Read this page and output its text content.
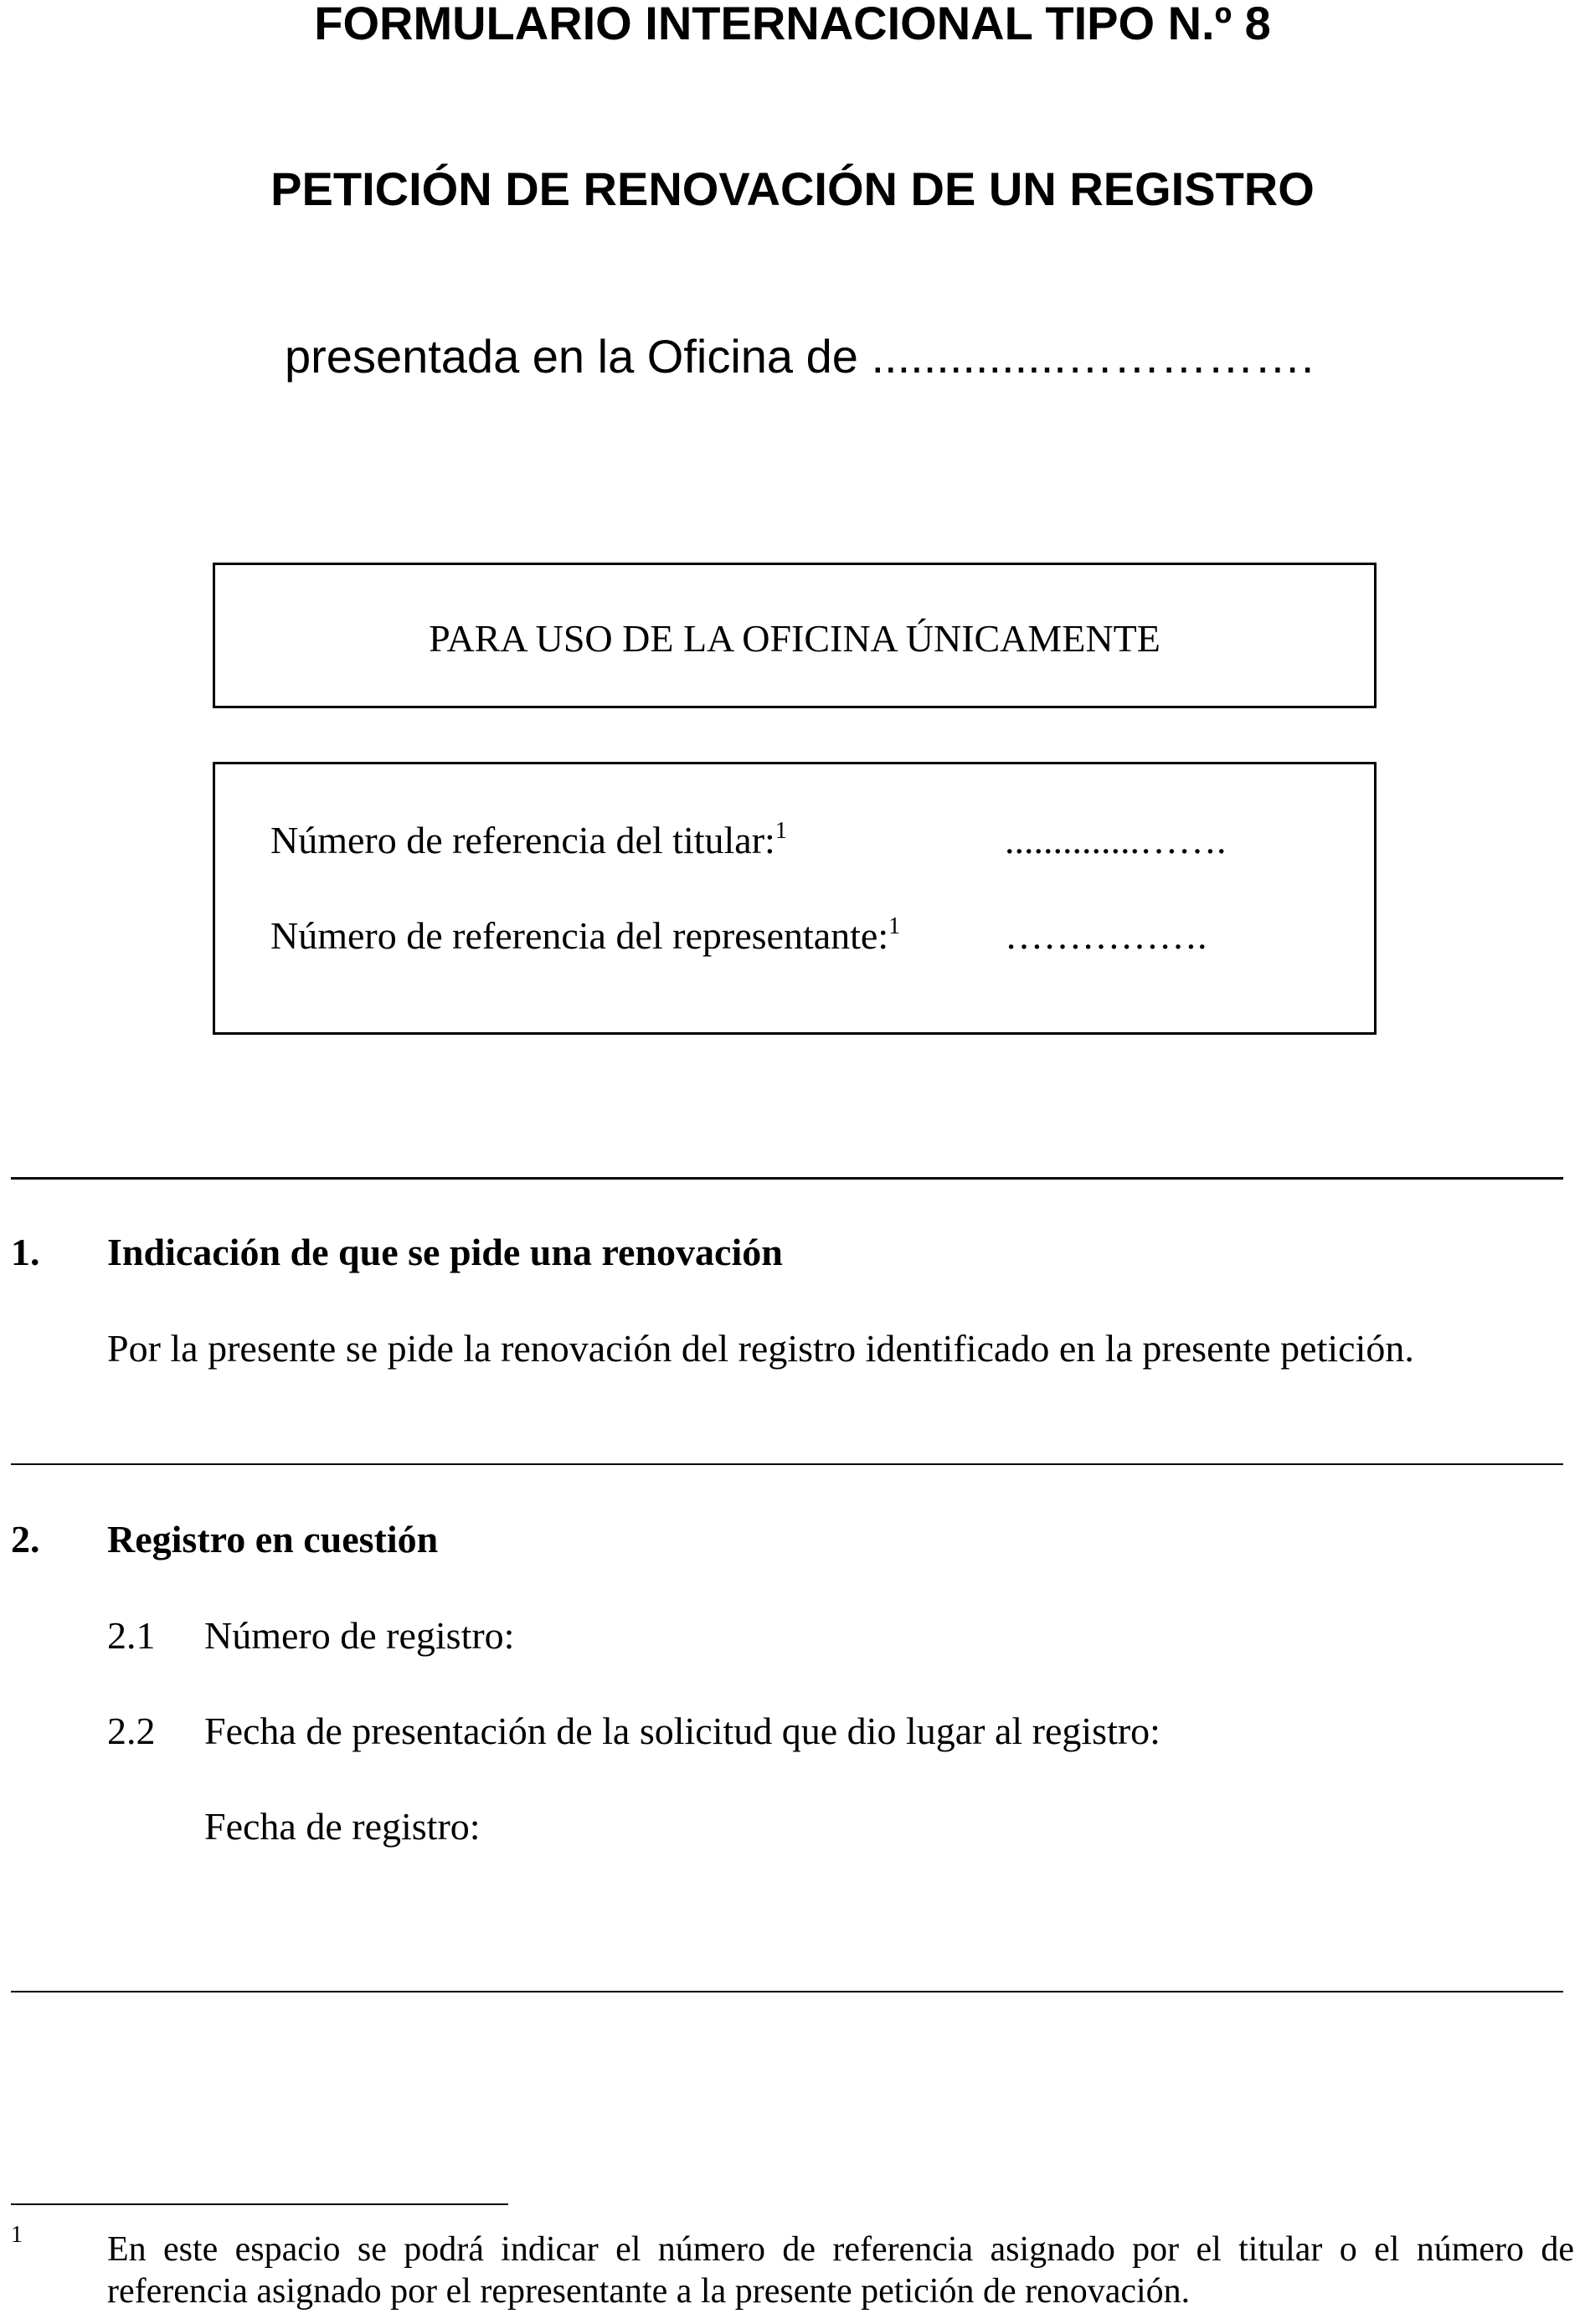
FORMULARIO INTERNACIONAL TIPO N.º 8
PETICIÓN DE RENOVACIÓN DE UN REGISTRO
presentada en la Oficina de ...............…………….
PARA USO DE LA OFICINA ÚNICAMENTE
Número de referencia del titular:$^1$	..............…….
Número de referencia del representante:$^1$	…………….
1. Indicación de que se pide una renovación
Por la presente se pide la renovación del registro identificado en la presente petición.
2. Registro en cuestión
2.1 Número de registro:
2.2 Fecha de presentación de la solicitud que dio lugar al registro:
Fecha de registro:
1 En este espacio se podrá indicar el número de referencia asignado por el titular o el número de referencia asignado por el representante a la presente petición de renovación.
